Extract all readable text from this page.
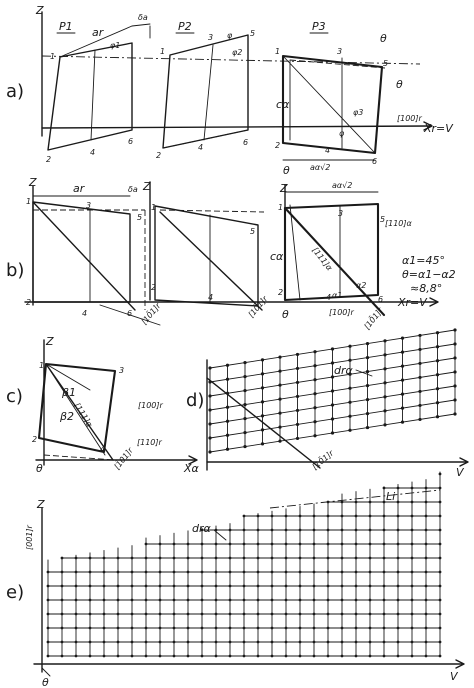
a)
Z
Xr=V
[100]r
P1 ar
φ1
δa
P2
φ
φ2
P3
θ
θ
θ
cα
φ3
φ
aα√2
1
2
4
6
1
3	5
2
4
6
1	3
5
2
4
6
b)
Z	Z	Z
Xr=V
ar	δa
[10̄1]r
1	3
5
2
4	6	[10̄1]r
1
5
2
4
aα√2
[110]α
[111]α
cα
α2
α1
[100]r [10̄1]r
θ
α1=45°
θ=α1−α2
≈8,8°
1
3
5
2
4	6
c)
Z
Xα
1
3
2
4
β1
β2
[111]α	[100]r
[110]r
[1̄01]r
θ
d)
V
[10̄1]r
drα
e)
Z
[001]r
V
Li
drα
θ
